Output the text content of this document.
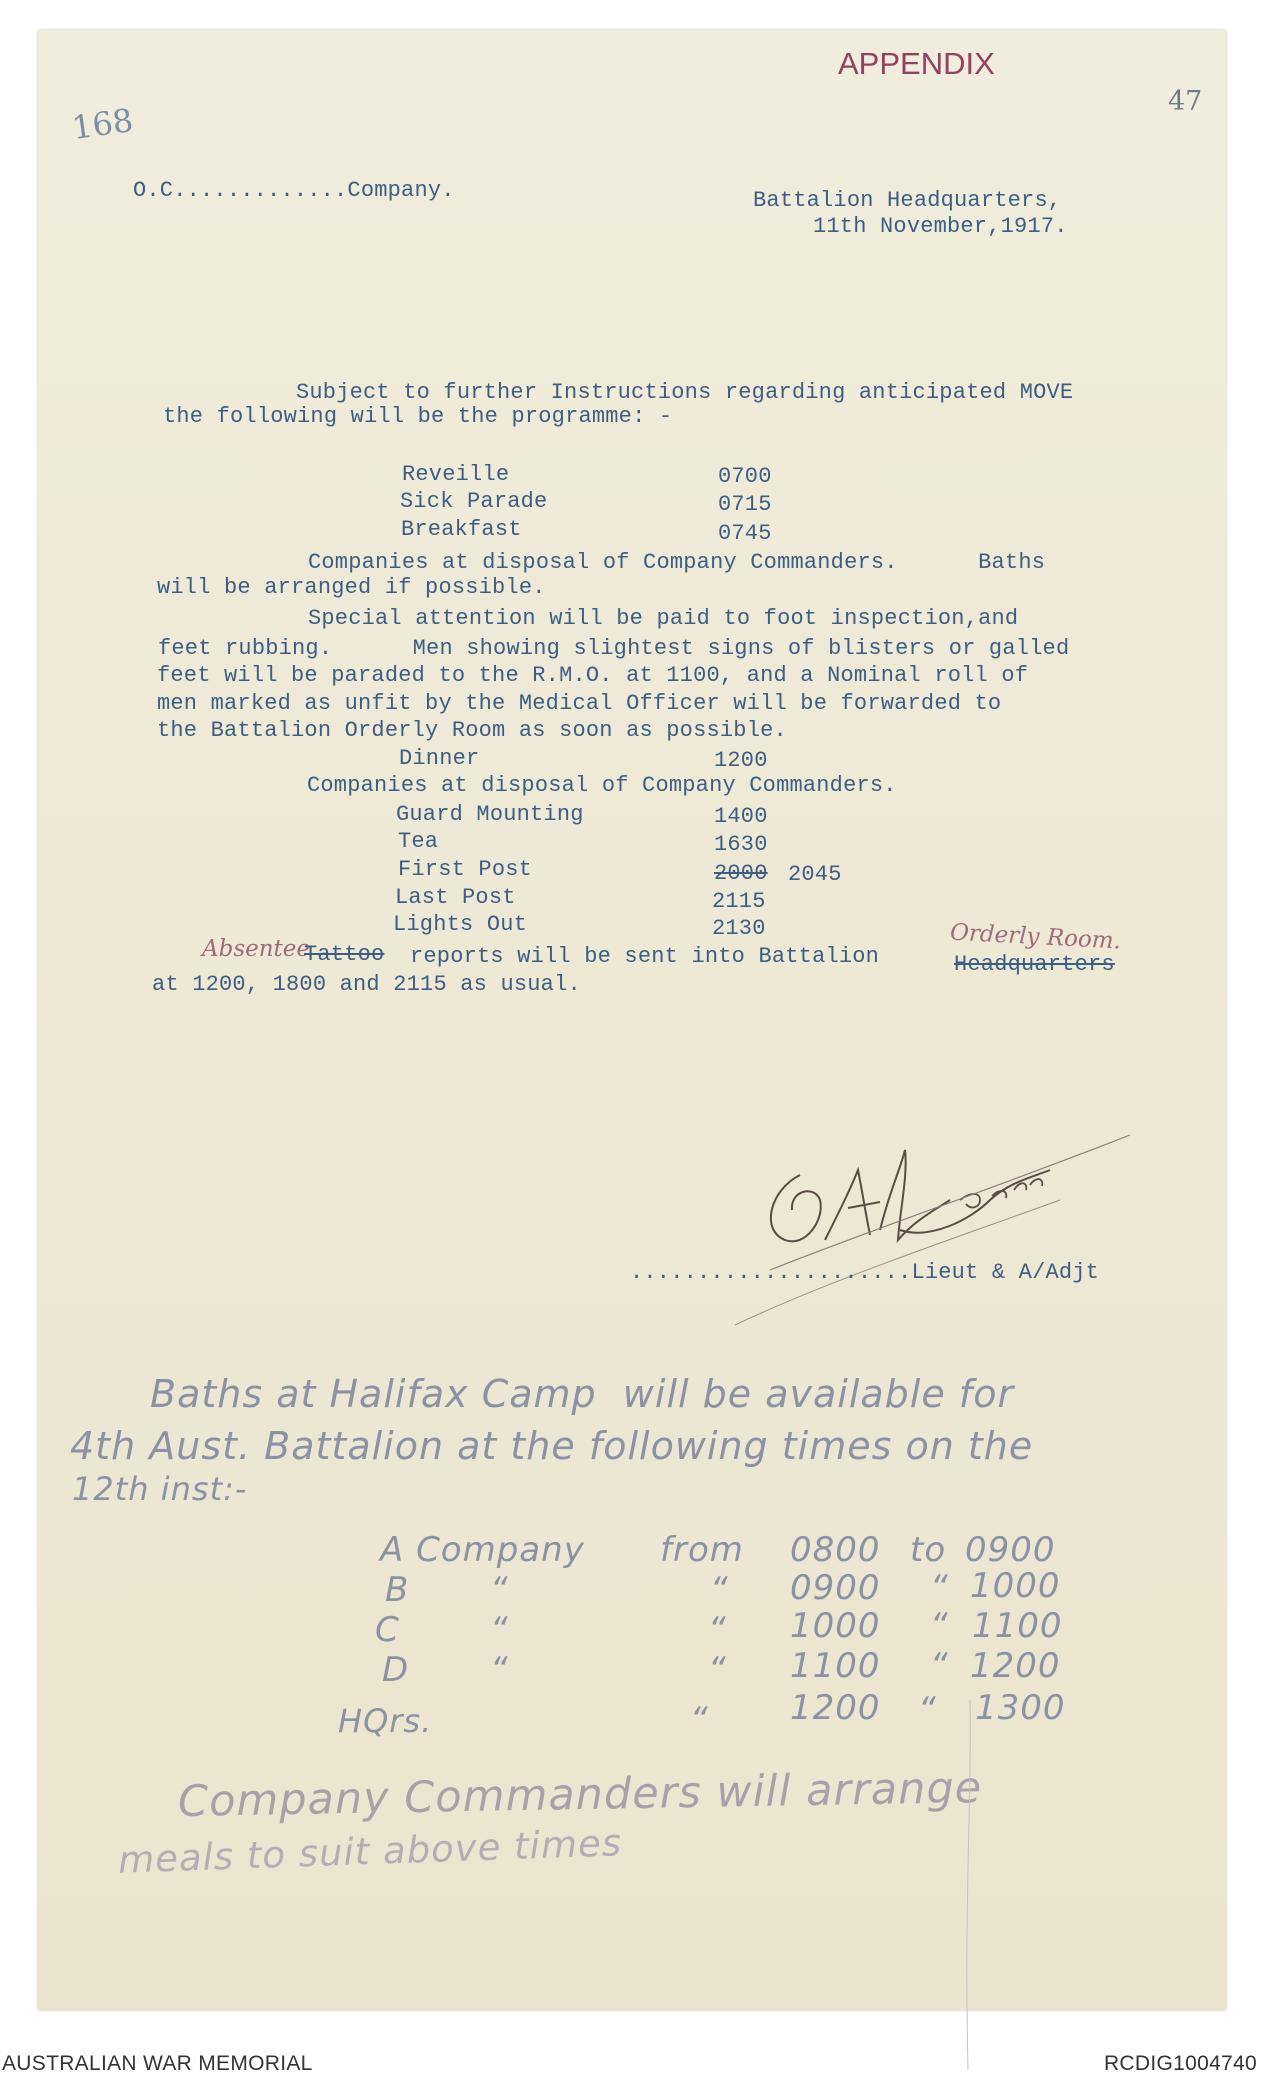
APPENDIX
168	47
O.C.............Company.	Battalion Headquarters,
11th November,1917.
Subject to further Instructions regarding anticipated MOVE
the following will be the programme: -
Reveille	0700
Sick Parade	0715
Breakfast	0745
Companies at disposal of Company Commanders.      Baths
will be arranged if possible.
Special attention will be paid to foot inspection,and
feet rubbing.      Men showing slightest signs of blisters or galled
feet will be paraded to the R.M.O. at 1100, and a Nominal roll of
men marked as unfit by the Medical Officer will be forwarded to
the Battalion Orderly Room as soon as possible.
Dinner	1200
Companies at disposal of Company Commanders.
Guard Mounting	1400
Tea	1630
First Post	2000 2045
Last Post	2115
Lights Out	2130
Absentee
Tattoo reports will be sent into Battalion
Orderly Room.
Headquarters
at 1200, 1800 and 2115 as usual.
.....................Lieut & A/Adjt
Baths at Halifax Camp  will be available for
4th Aust. Battalion at the following times on the
12th inst:-
A Company from 0800 to 0900
B “	“ 0900 “ 1000
C	“	“ 1000 “ 1100
D “	“ 1100 “ 1200
HQrs.	“ 1200 “ 1300
Company Commanders will arrange
meals to suit above times
AUSTRALIAN WAR MEMORIAL	RCDIG1004740
